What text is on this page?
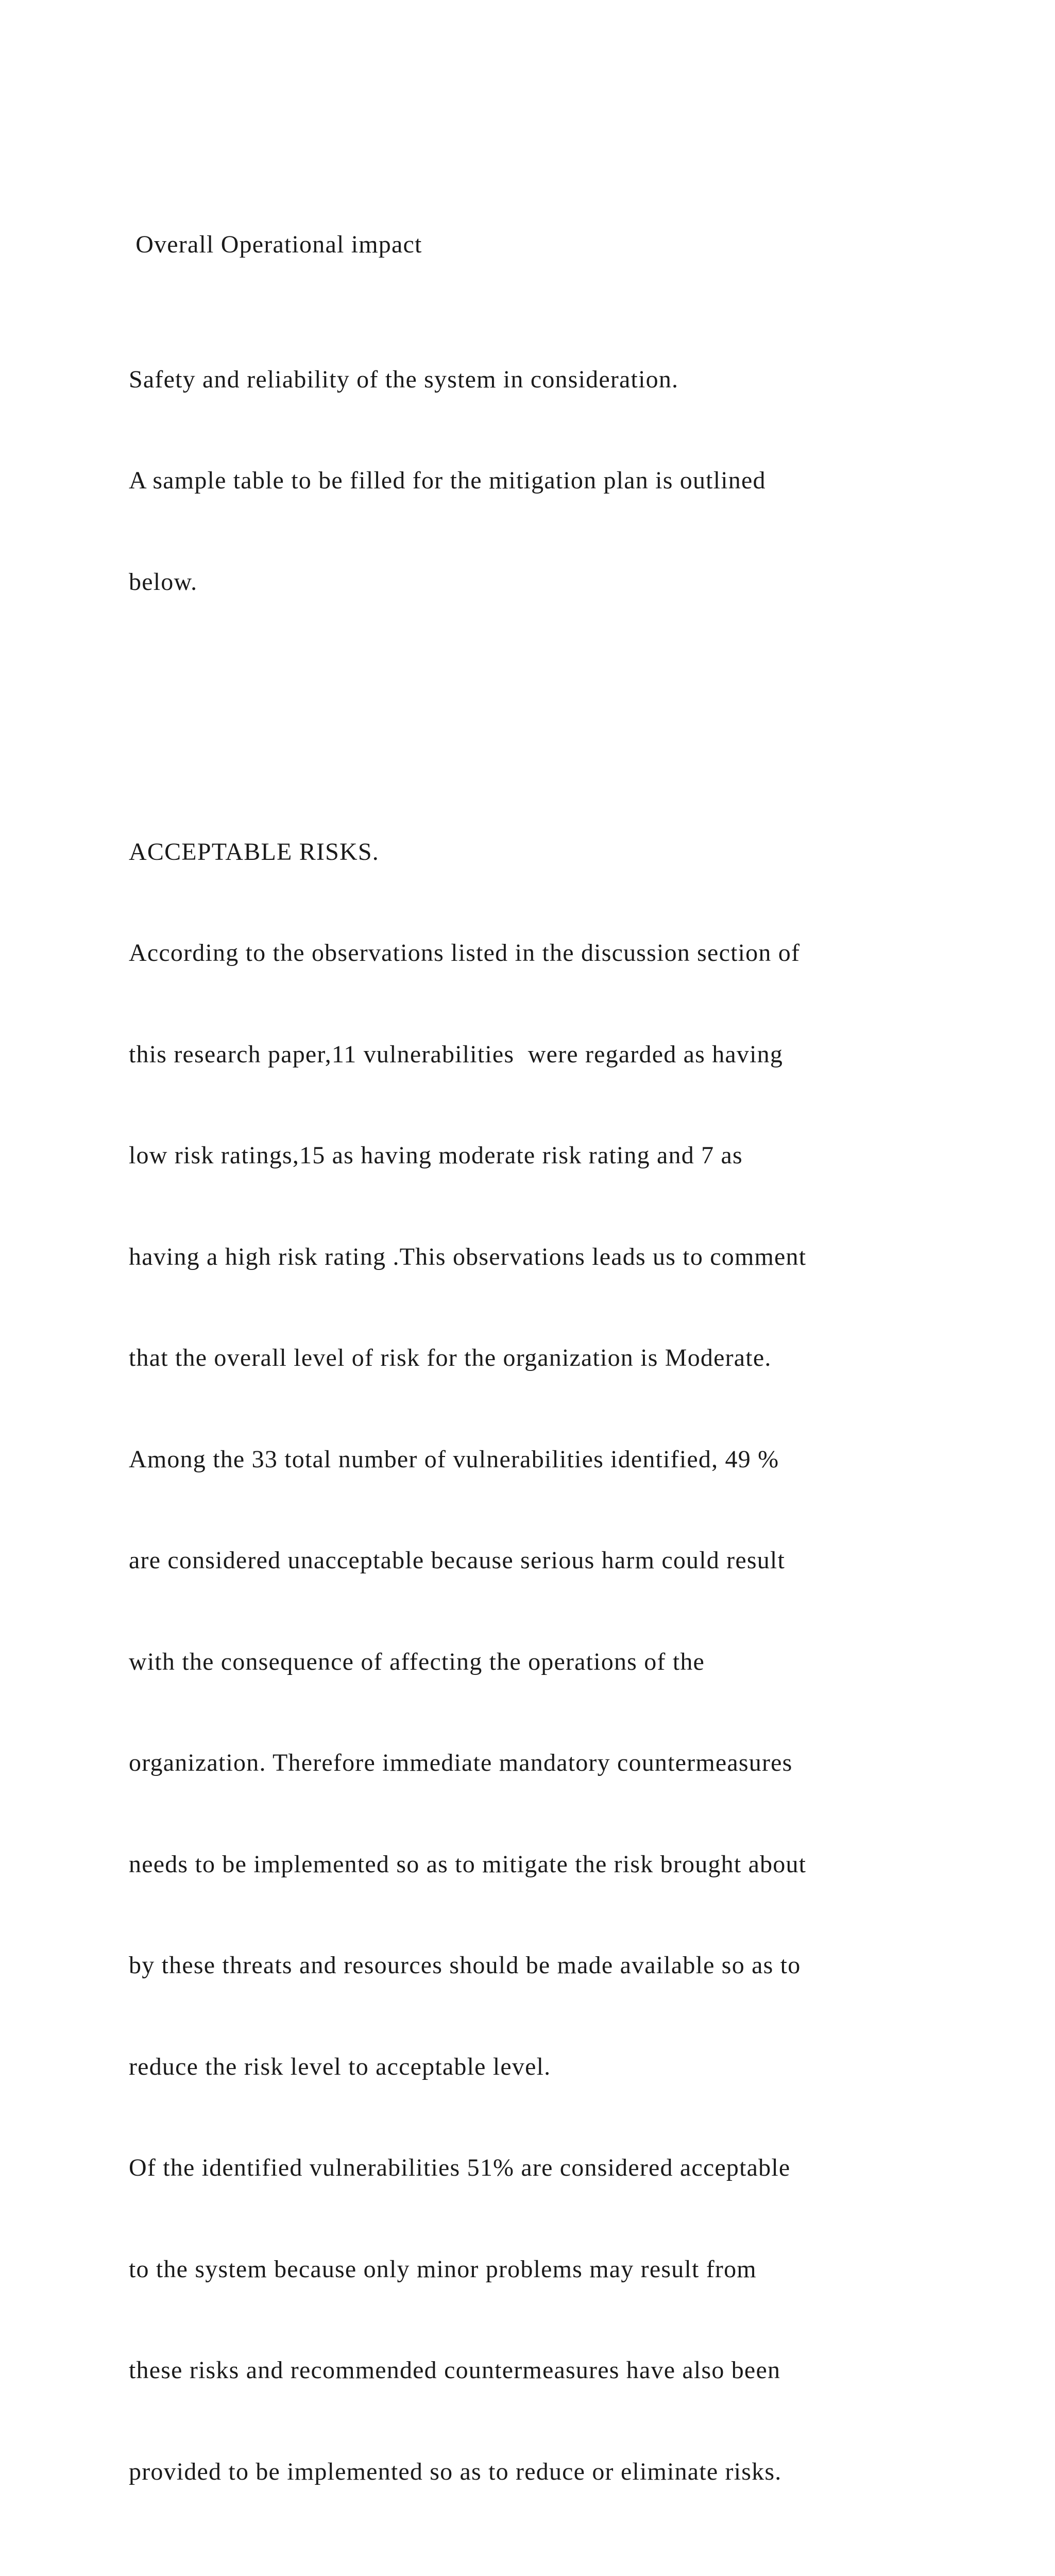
Overall Operational impact

Safety and reliability of the system in consideration.

A sample table to be filled for the mitigation plan is outlined

below.

ACCEPTABLE RISKS.

According to the observations listed in the discussion section of

this research paper,11 vulnerabilities  were regarded as having

low risk ratings,15 as having moderate risk rating and 7 as

having a high risk rating .This observations leads us to comment

that the overall level of risk for the organization is Moderate.

Among the 33 total number of vulnerabilities identified, 49 %

are considered unacceptable because serious harm could result

with the consequence of affecting the operations of the

organization. Therefore immediate mandatory countermeasures

needs to be implemented so as to mitigate the risk brought about

by these threats and resources should be made available so as to

reduce the risk level to acceptable level.

Of the identified vulnerabilities 51% are considered acceptable

to the system because only minor problems may result from

these risks and recommended countermeasures have also been

provided to be implemented so as to reduce or eliminate risks.
